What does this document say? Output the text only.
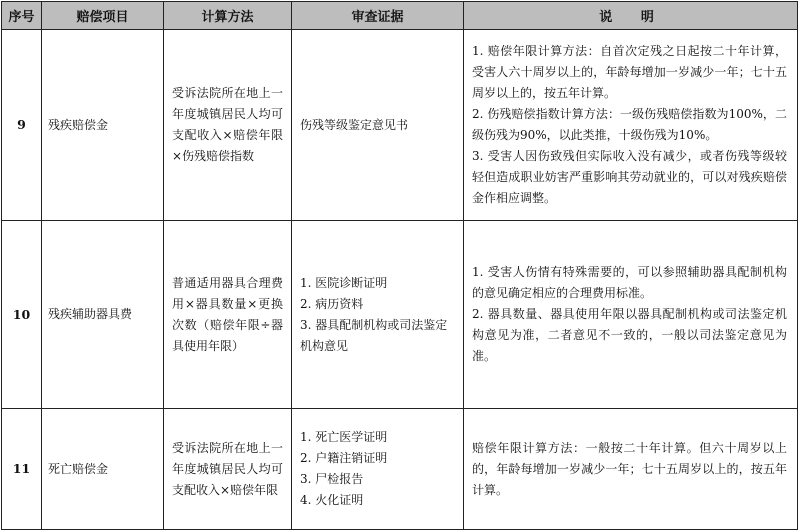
序号	赔偿项目	计算方法	审查证据	说　明
9	残疾赔偿金	受诉法院所在地上一年度城镇居民人均可支配收入×赔偿年限×伤残赔偿指数	伤残等级鉴定意见书	1. 赔偿年限计算方法：自首次定残之日起按二十年计算，受害人六十周岁以上的，年龄每增加一岁减少一年；七十五周岁以上的，按五年计算。
2. 伤残赔偿指数计算方法：一级伤残赔偿指数为100%，二级伤残为90%，以此类推，十级伤残为10%。
3. 受害人因伤致残但实际收入没有减少，或者伤残等级较轻但造成职业妨害严重影响其劳动就业的，可以对残疾赔偿金作相应调整。

10	残疾辅助器具费	普通适用器具合理费用×器具数量×更换次数（赔偿年限÷器具使用年限）	1. 医院诊断证明
2. 病历资料
3. 器具配制机构或司法鉴定机构意见	1. 受害人伤情有特殊需要的，可以参照辅助器具配制机构的意见确定相应的合理费用标准。
2. 器具数量、器具使用年限以器具配制机构或司法鉴定机构意见为准，二者意见不一致的，一般以司法鉴定意见为准。

11	死亡赔偿金	受诉法院所在地上一年度城镇居民人均可支配收入×赔偿年限	1. 死亡医学证明
2. 户籍注销证明
3. 尸检报告
4. 火化证明	赔偿年限计算方法：一般按二十年计算。但六十周岁以上的，年龄每增加一岁减少一年；七十五周岁以上的，按五年计算。
